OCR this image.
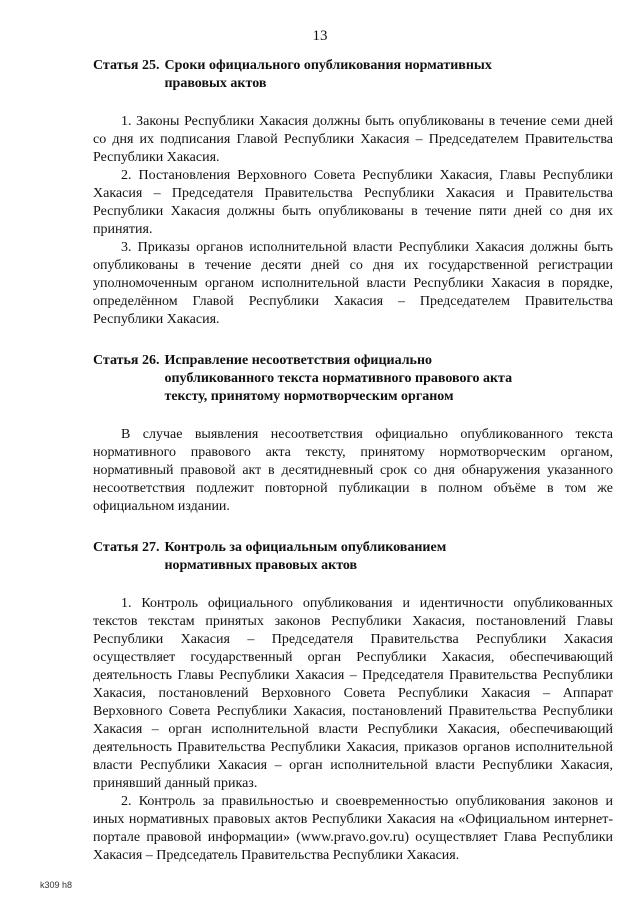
13
Статья 25. Сроки официального опубликования нормативных
правовых актов

1. Законы Республики Хакасия должны быть опубликованы в течение семи дней со дня их подписания Главой Республики Хакасия – Председателем Правительства Республики Хакасия.

2. Постановления Верховного Совета Республики Хакасия, Главы Республики Хакасия – Председателя Правительства Республики Хакасия и Правительства Республики Хакасия должны быть опубликованы в течение пяти дней со дня их принятия.

3. Приказы органов исполнительной власти Республики Хакасия должны быть опубликованы в течение десяти дней со дня их государственной регистрации уполномоченным органом исполнительной власти Республики Хакасия в порядке, определённом Главой Республики Хакасия – Председателем Правительства Республики Хакасия.

Статья 26. Исправление несоответствия официально
опубликованного текста нормативного правового акта
тексту, принятому нормотворческим органом

В случае выявления несоответствия официально опубликованного текста нормативного правового акта тексту, принятому нормотворческим органом, нормативный правовой акт в десятидневный срок со дня обнаружения указанного несоответствия подлежит повторной публикации в полном объёме в том же официальном издании.

Статья 27. Контроль за официальным опубликованием
нормативных правовых актов

1. Контроль официального опубликования и идентичности опубликованных текстов текстам принятых законов Республики Хакасия, постановлений Главы Республики Хакасия – Председателя Правительства Республики Хакасия осуществляет государственный орган Республики Хакасия, обеспечивающий деятельность Главы Республики Хакасия – Председателя Правительства Республики Хакасия, постановлений Верховного Совета Республики Хакасия – Аппарат Верховного Совета Республики Хакасия, постановлений Правительства Республики Хакасия – орган исполнительной власти Республики Хакасия, обеспечивающий деятельность Правительства Республики Хакасия, приказов органов исполнительной власти Республики Хакасия – орган исполнительной власти Республики Хакасия, принявший данный приказ.

2. Контроль за правильностью и своевременностью опубликования законов и иных нормативных правовых актов Республики Хакасия на «Официальном интернет-портале правовой информации» (www.pravo.gov.ru) осуществляет Глава Республики Хакасия – Председатель Правительства Республики Хакасия.

k309 h8
